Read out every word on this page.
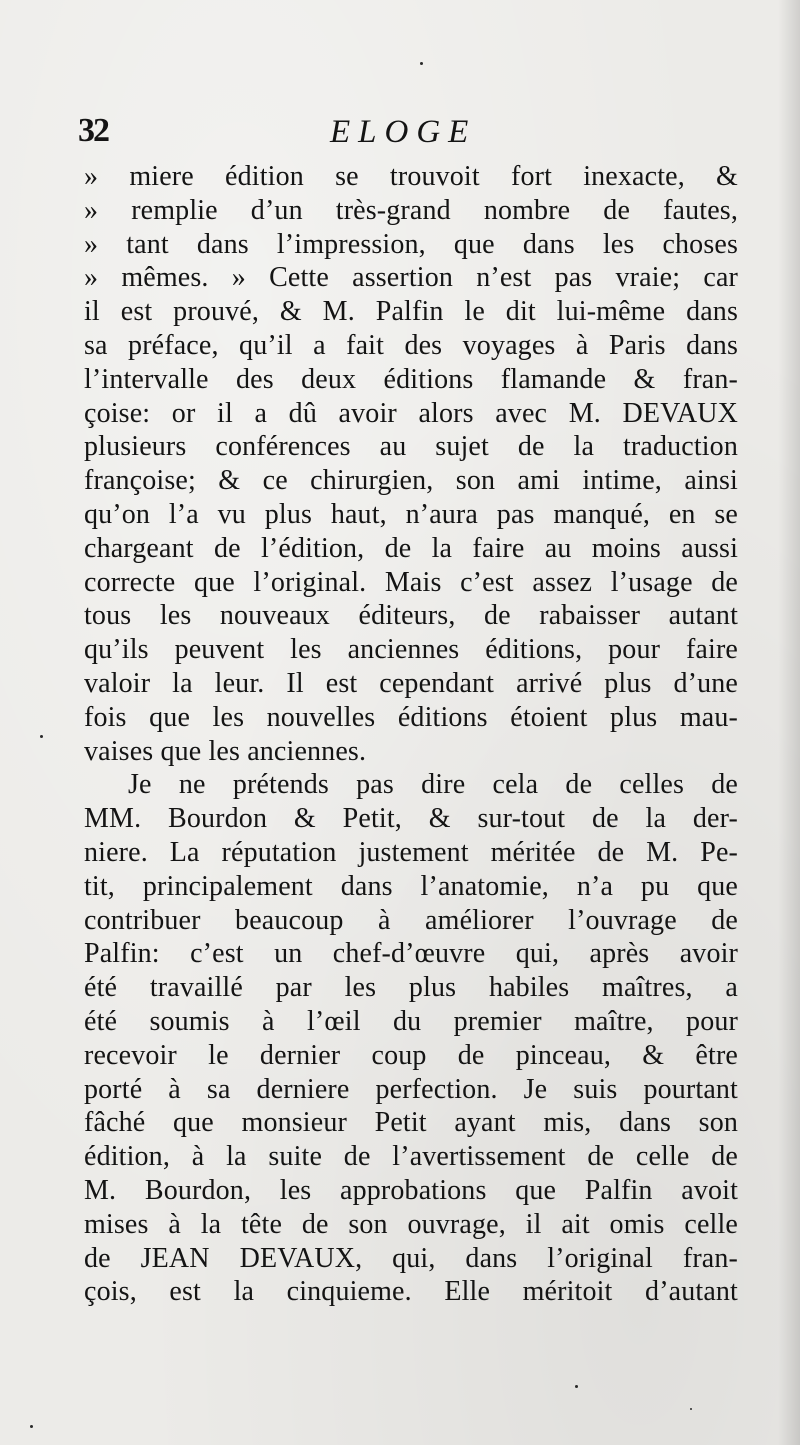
32	ELOGE
» miere édition se trouvoit fort inexacte, &
» remplie d’un très-grand nombre de fautes,
» tant dans l’impression, que dans les choses
» mêmes. » Cette assertion n’est pas vraie; car
il est prouvé, & M. Palfin le dit lui-même dans
sa préface, qu’il a fait des voyages à Paris dans
l’intervalle des deux éditions flamande & fran-
çoise: or il a dû avoir alors avec M. DEVAUX
plusieurs conférences au sujet de la traduction
françoise; & ce chirurgien, son ami intime, ainsi
qu’on l’a vu plus haut, n’aura pas manqué, en se
chargeant de l’édition, de la faire au moins aussi
correcte que l’original. Mais c’est assez l’usage de
tous les nouveaux éditeurs, de rabaisser autant
qu’ils peuvent les anciennes éditions, pour faire
valoir la leur. Il est cependant arrivé plus d’une
fois que les nouvelles éditions étoient plus mau-
vaises que les anciennes.
Je ne prétends pas dire cela de celles de
MM. Bourdon & Petit, & sur-tout de la der-
niere. La réputation justement méritée de M. Pe-
tit, principalement dans l’anatomie, n’a pu que
contribuer beaucoup à améliorer l’ouvrage de
Palfin: c’est un chef-d’œuvre qui, après avoir
été travaillé par les plus habiles maîtres, a
été soumis à l’œil du premier maître, pour
recevoir le dernier coup de pinceau, & être
porté à sa derniere perfection. Je suis pourtant
fâché que monsieur Petit ayant mis, dans son
édition, à la suite de l’avertissement de celle de
M. Bourdon, les approbations que Palfin avoit
mises à la tête de son ouvrage, il ait omis celle
de JEAN DEVAUX, qui, dans l’original fran-
çois, est la cinquieme. Elle méritoit d’autant
